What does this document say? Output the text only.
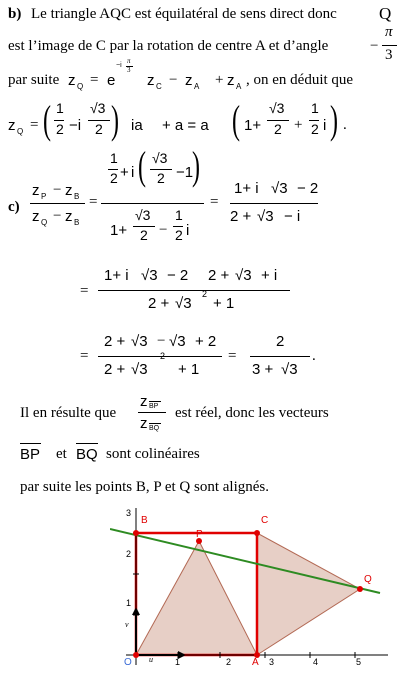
b) Le triangle AQC est équilatéral de sens direct donc Q
est l’image de C par la rotation de centre A et d’angle	−
π
3
par suite z Q = e
−i
π
3
z C − z A + z A , on en déduit que
z Q = ( 1
2 −i
√3
2 ) ia + a = a ( 1+
√3
2 +
1
2 i ) .
c)
z P − z B
z Q − z B
=
1
2 + i ( √3
2 −1
)
1+
√3
2 −
1
2 i
=
1+ i √3 − 2
2 + √3 − i
=
1+ i √3 − 2 2 + √3 + i
2 + √3
2
+ 1
=
2 + √3 − √3 + 2
2 + √3
2
+ 1
=
2
3 + √3
.
Il en résulte que
z BP
z BQ
est réel, donc les vecteurs
BP et BQ sont colinéaires
par suite les points B, P et Q sont alignés.
B	C
P
Q
A
O
3
2
1
1	2	3	4	5
u
v
